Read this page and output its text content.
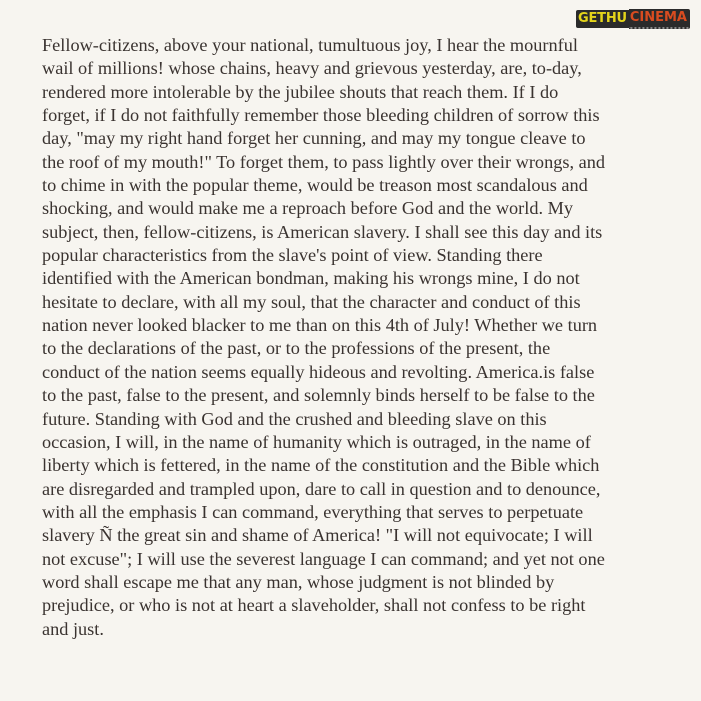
GETHU CINEMA
Fellow-citizens, above your national, tumultuous joy, I hear the mournful
wail of millions! whose chains, heavy and grievous yesterday, are, to-day,
rendered more intolerable by the jubilee shouts that reach them. If I do
forget, if I do not faithfully remember those bleeding children of sorrow this
day, "may my right hand forget her cunning, and may my tongue cleave to
the roof of my mouth!" To forget them, to pass lightly over their wrongs, and
to chime in with the popular theme, would be treason most scandalous and
shocking, and would make me a reproach before God and the world. My
subject, then, fellow-citizens, is American slavery. I shall see this day and its
popular characteristics from the slave's point of view. Standing there
identified with the American bondman, making his wrongs mine, I do not
hesitate to declare, with all my soul, that the character and conduct of this
nation never looked blacker to me than on this 4th of July! Whether we turn
to the declarations of the past, or to the professions of the present, the
conduct of the nation seems equally hideous and revolting. America.is false
to the past, false to the present, and solemnly binds herself to be false to the
future. Standing with God and the crushed and bleeding slave on this
occasion, I will, in the name of humanity which is outraged, in the name of
liberty which is fettered, in the name of the constitution and the Bible which
are disregarded and trampled upon, dare to call in question and to denounce,
with all the emphasis I can command, everything that serves to perpetuate
slavery Ñ the great sin and shame of America! "I will not equivocate; I will
not excuse"; I will use the severest language I can command; and yet not one
word shall escape me that any man, whose judgment is not blinded by
prejudice, or who is not at heart a slaveholder, shall not confess to be right
and just.
